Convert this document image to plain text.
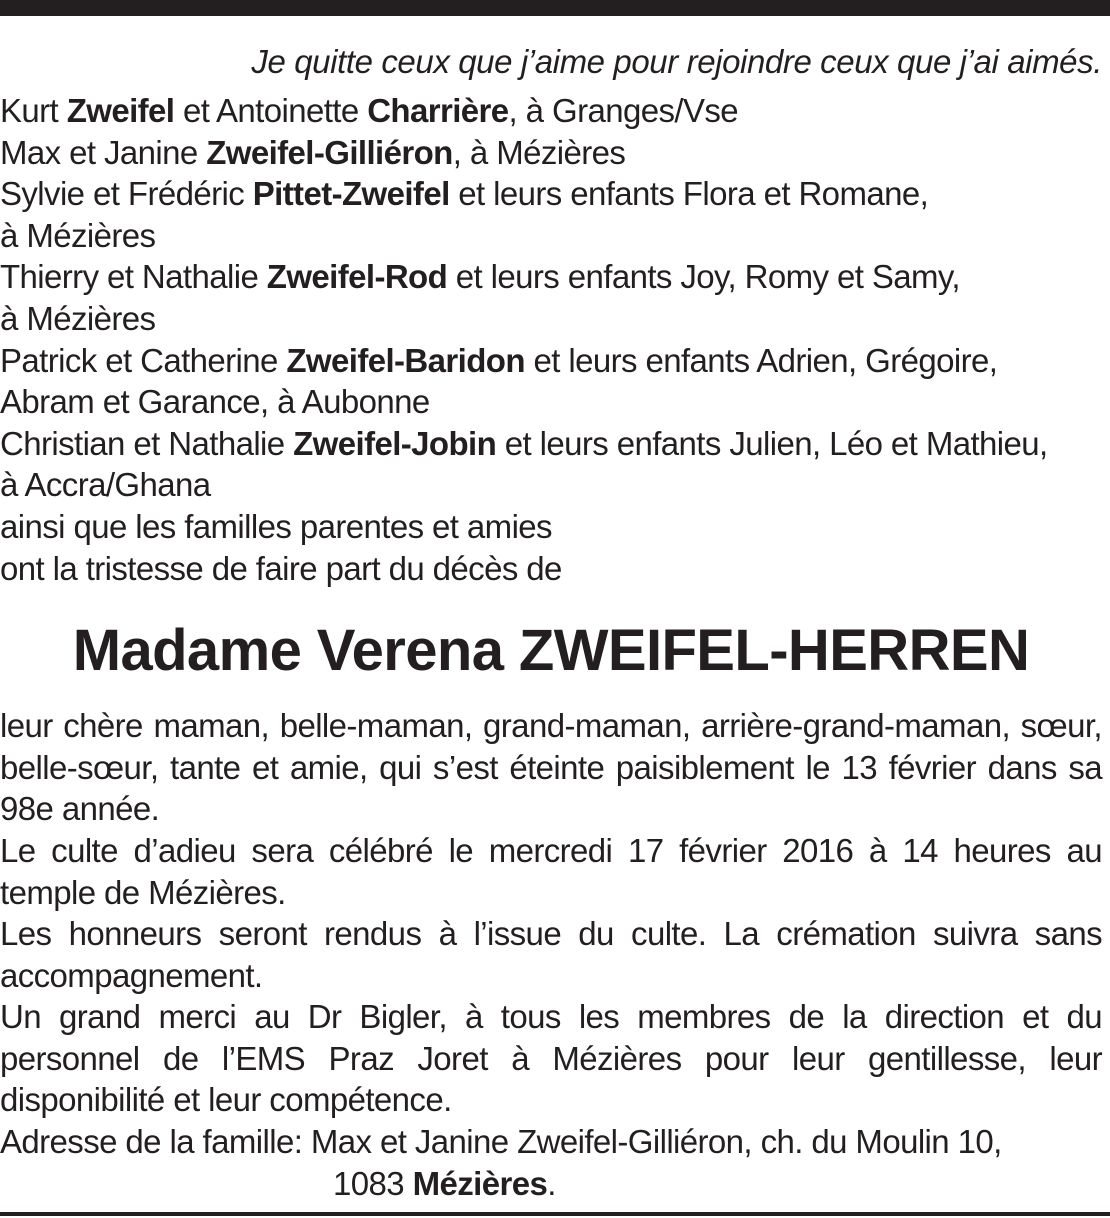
Je quitte ceux que j’aime pour rejoindre ceux que j’ai aimés.
Kurt Zweifel et Antoinette Charrière, à Granges/Vse
Max et Janine Zweifel-Gilliéron, à Mézières
Sylvie et Frédéric Pittet-Zweifel et leurs enfants Flora et Romane,
à Mézières
Thierry et Nathalie Zweifel-Rod et leurs enfants Joy, Romy et Samy,
à Mézières
Patrick et Catherine Zweifel-Baridon et leurs enfants Adrien, Grégoire,
Abram et Garance, à Aubonne
Christian et Nathalie Zweifel-Jobin et leurs enfants Julien, Léo et Mathieu,
à Accra/Ghana
ainsi que les familles parentes et amies
ont la tristesse de faire part du décès de
Madame Verena ZWEIFEL-HERREN
leur chère maman, belle-maman, grand-maman, arrière-grand-maman, sœur, belle-sœur, tante et amie, qui s’est éteinte paisiblement le 13 février dans sa 98e année.
Le culte d’adieu sera célébré le mercredi 17 février 2016 à 14 heures au temple de Mézières.
Les honneurs seront rendus à l’issue du culte. La crémation suivra sans accompagnement.
Un grand merci au Dr Bigler, à tous les membres de la direction et du personnel de l’EMS Praz Joret à Mézières pour leur gentillesse, leur disponibilité et leur compétence.
Adresse de la famille: Max et Janine Zweifel-Gilliéron, ch. du Moulin 10,
1083 Mézières.
